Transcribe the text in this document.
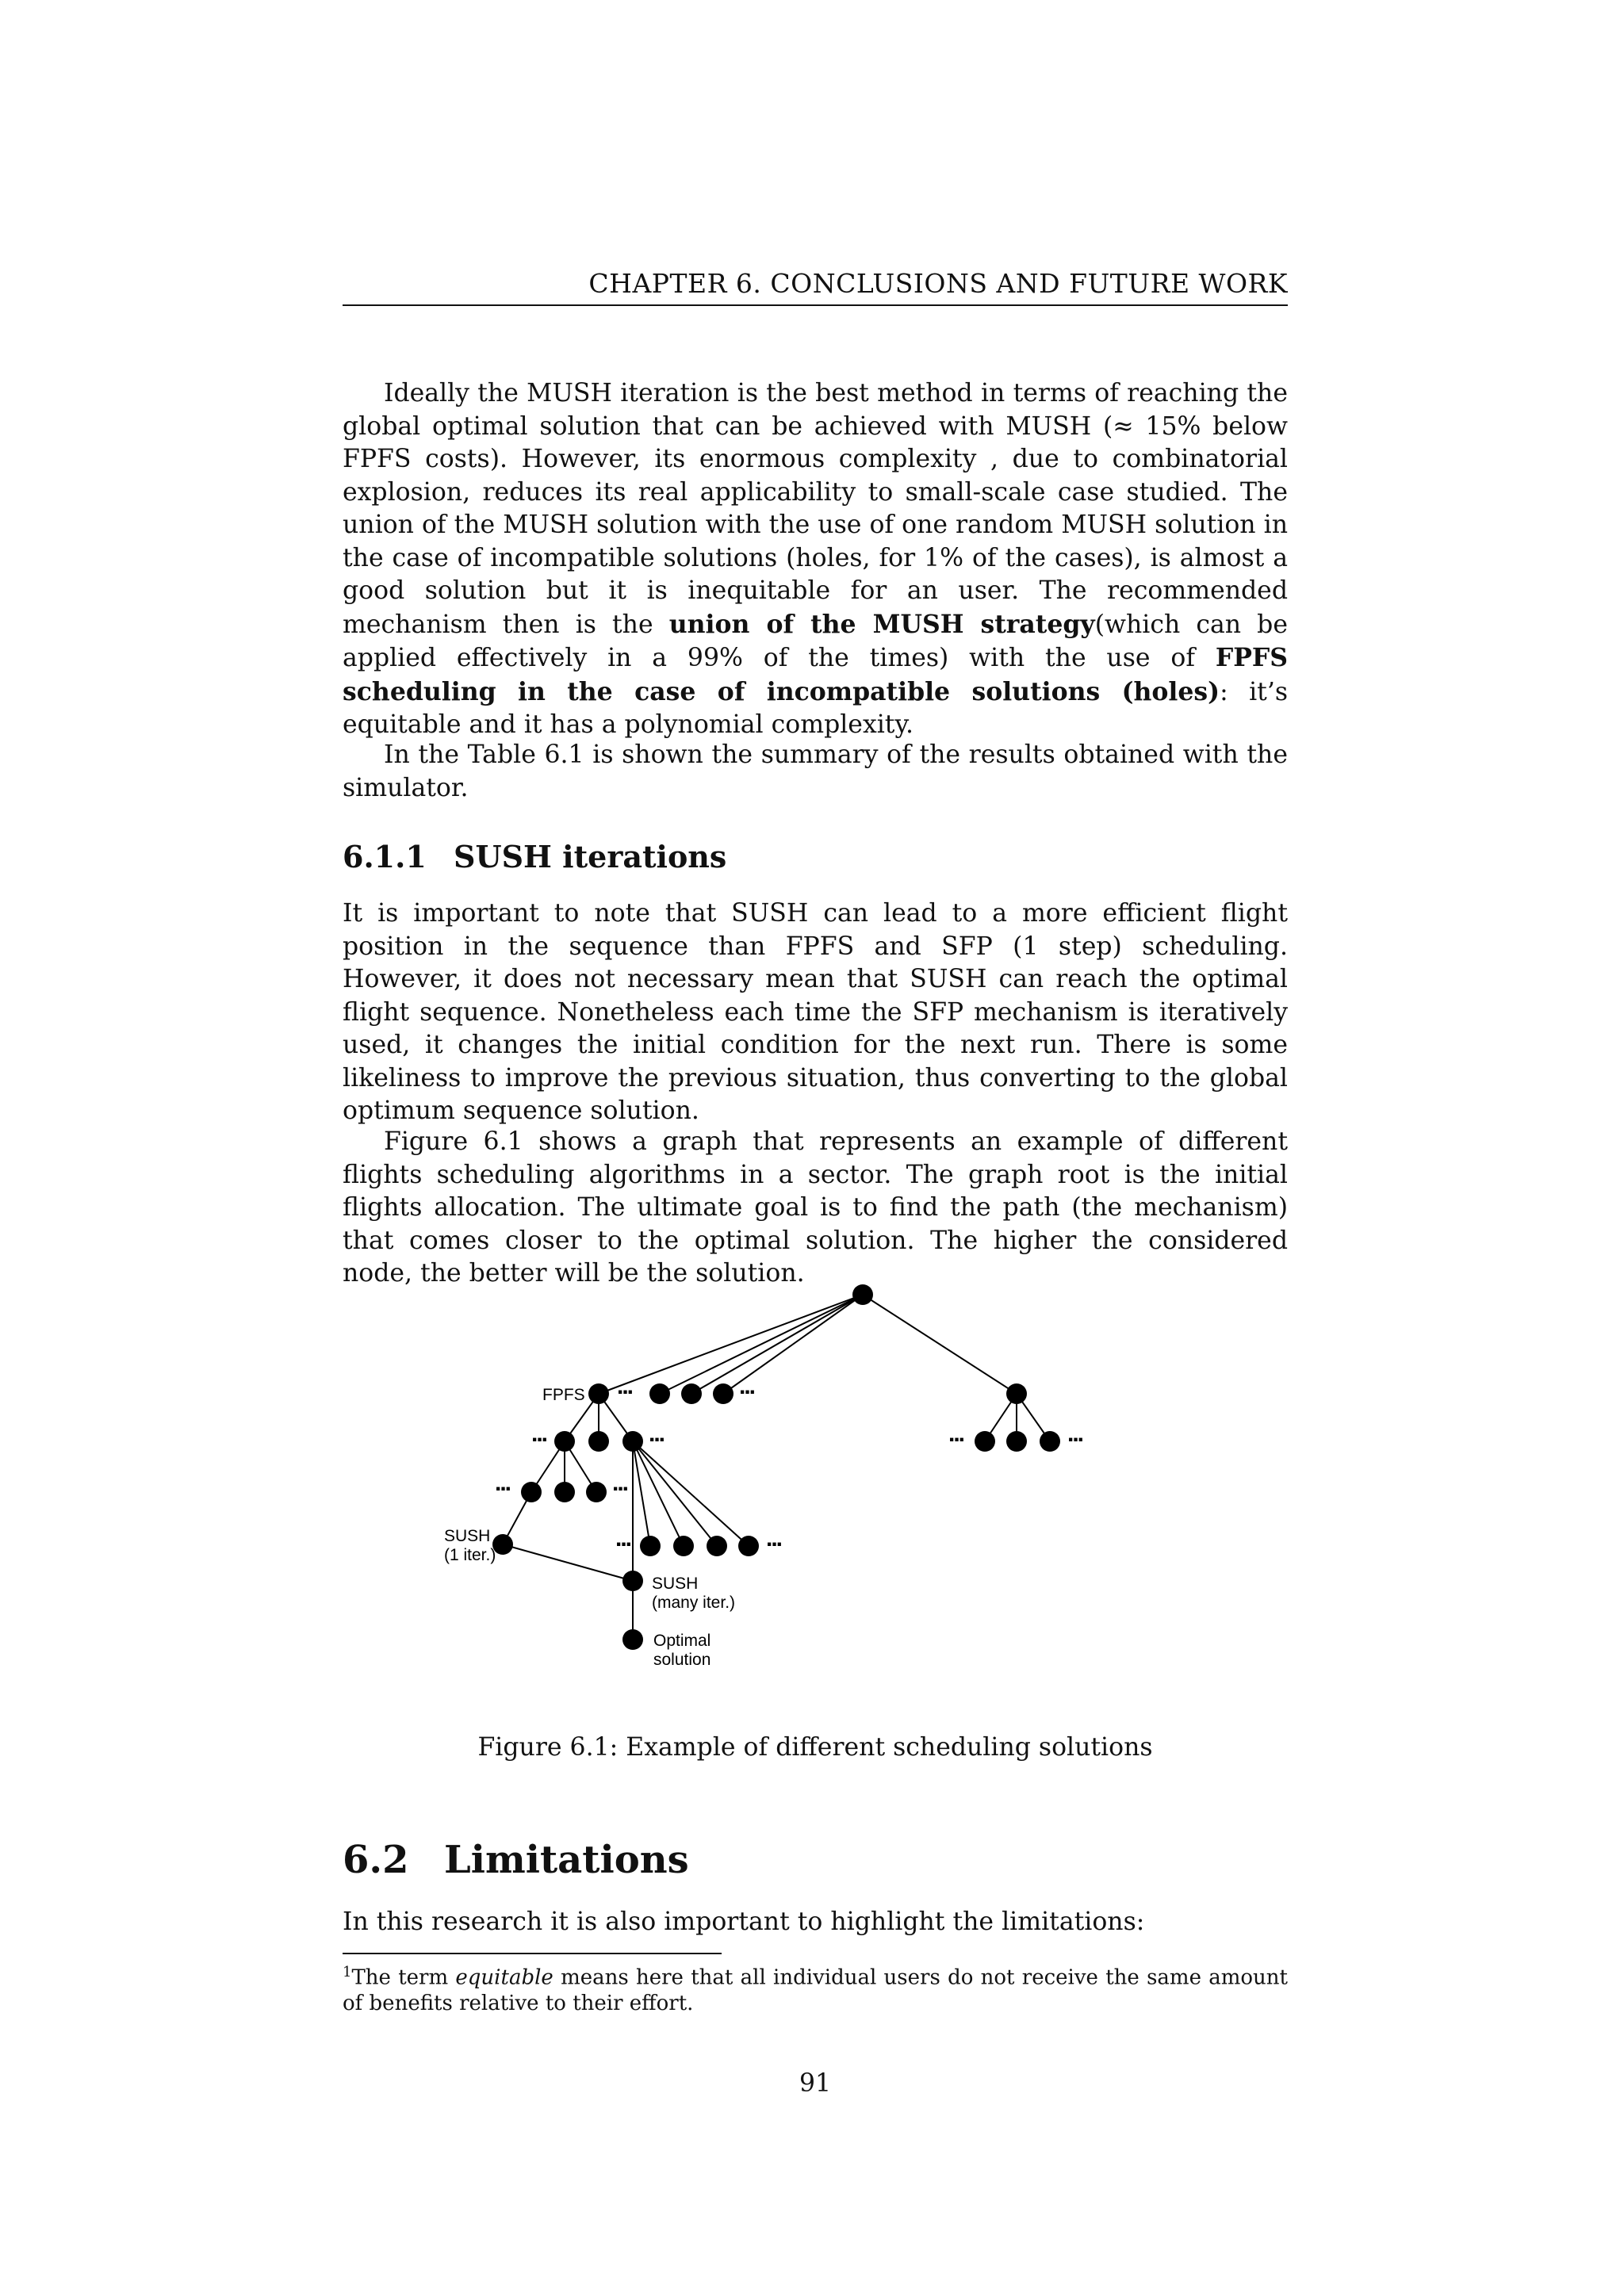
CHAPTER 6. CONCLUSIONS AND FUTURE WORK

Ideally the MUSH iteration is the best method in terms of reaching the global optimal solution that can be achieved with MUSH (≈ 15% below FPFS costs). However, its enormous complexity , due to combinatorial explosion, reduces its real applicability to small-scale case studied. The union of the MUSH solution with the use of one random MUSH solution in the case of incompatible solutions (holes, for 1% of the cases), is almost a good solution but it is inequitable for an user. The recommended mechanism then is the union of the MUSH strategy(which can be applied effectively in a 99% of the times) with the use of FPFS scheduling in the case of incompatible solutions (holes): it’s equitable and it has a polynomial complexity.

In the Table 6.1 is shown the summary of the results obtained with the simulator.

6.1.1 SUSH iterations

It is important to note that SUSH can lead to a more efficient flight position in the sequence than FPFS and SFP (1 step) scheduling. However, it does not necessary mean that SUSH can reach the optimal flight sequence. Nonetheless each time the SFP mechanism is iteratively used, it changes the initial condition for the next run. There is some likeliness to improve the previous situation, thus converting to the global optimum sequence solution.

Figure 6.1 shows a graph that represents an example of different flights scheduling algorithms in a sector. The graph root is the initial flights allocation. The ultimate goal is to find the path (the mechanism) that comes closer to the optimal solution. The higher the considered node, the better will be the solution.

FPFS
SUSH
(1 iter.)
SUSH
(many iter.)
Optimal
solution
...	...
...	...	...	...
...	...
...	...
Figure 6.1: Example of different scheduling solutions
6.2 Limitations

In this research it is also important to highlight the limitations:

$^1$The term equitable means here that all individual users do not receive the same amount of benefits relative to their effort.

91
